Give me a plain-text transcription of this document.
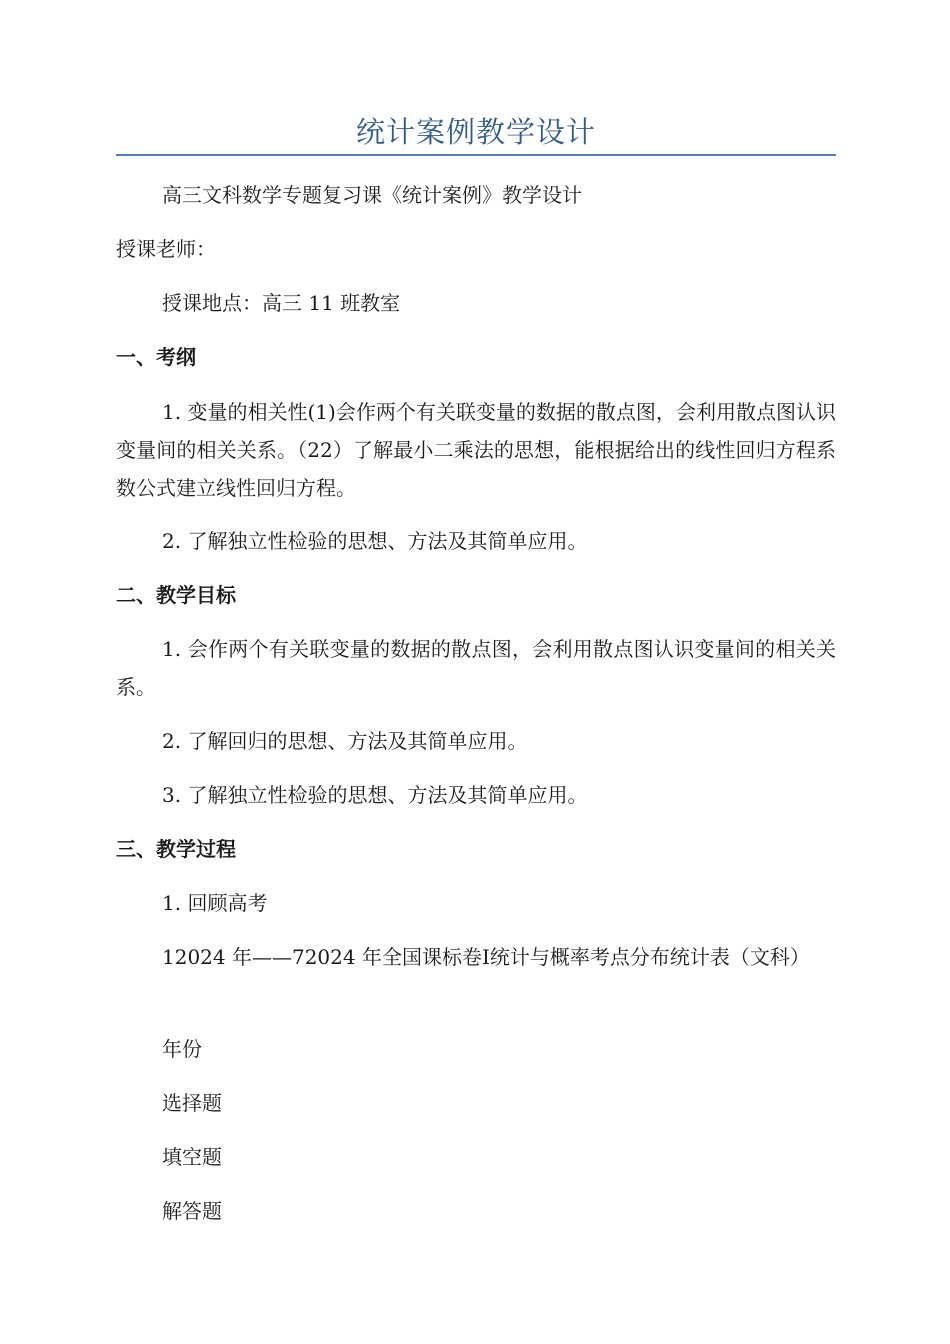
统计案例教学设计
高三文科数学专题复习课《统计案例》教学设计
授课老师：
授课地点：高三 11 班教室
一、考纲
1. 变量的相关性(1)会作两个有关联变量的数据的散点图，会利用散点图认识变量间的相关关系。（22）了解最小二乘法的思想，能根据给出的线性回归方程系数公式建立线性回归方程。
2. 了解独立性检验的思想、方法及其简单应用。
二、教学目标
1. 会作两个有关联变量的数据的散点图，会利用散点图认识变量间的相关关系。
2. 了解回归的思想、方法及其简单应用。
3. 了解独立性检验的思想、方法及其简单应用。
三、教学过程
1. 回顾高考
12024 年——72024 年全国课标卷Ⅰ统计与概率考点分布统计表（文科）
年份
选择题
填空题
解答题
